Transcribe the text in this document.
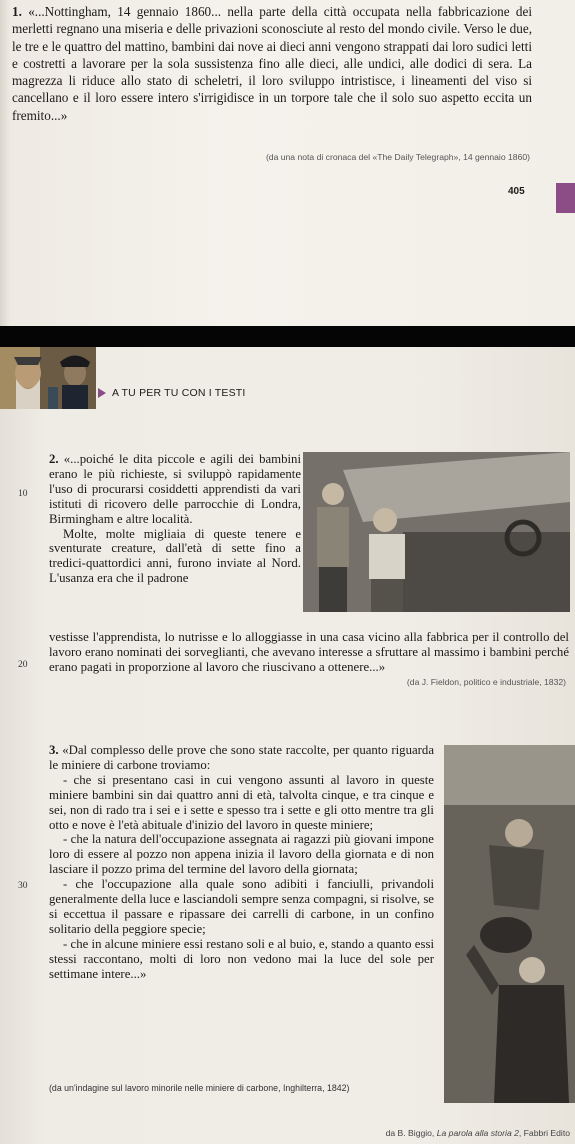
1. «...Nottingham, 14 gennaio 1860... nella parte della città occupata nella fabbricazione dei merletti regnano una miseria e delle privazioni sconosciute al resto del mondo civile. Verso le due, le tre e le quattro del mattino, bambini dai nove ai dieci anni vengono strappati dai loro sudici letti e costretti a lavorare per la sola sussistenza fino alle dieci, alle undici, alle dodici di sera. La magrezza li riduce allo stato di scheletri, il loro sviluppo intristisce, i lineamenti del viso si cancellano e il loro essere intero s'irrigidisce in un torpore tale che il solo suo aspetto eccita un fremito...»

(da una nota di cronaca del «The Daily Telegraph», 14 gennaio 1860)
405
A TU PER TU CON I TESTI

2. «...poiché le dita piccole e agili dei bambini erano le più richieste, si sviluppò rapidamente l'uso di procurarsi cosiddetti apprendisti da vari istituti di ricovero delle parrocchie di Londra, Birmingham e altre località.
Molte, molte migliaia di queste tenere e sventurate creature, dall'età di sette fino a tredici-quattordici anni, furono inviate al Nord. L'usanza era che il padrone

vestisse l'apprendista, lo nutrisse e lo alloggiasse in una casa vicino alla fabbrica per il controllo del lavoro erano nominati dei sorveglianti, che avevano interesse a sfruttare al massimo i bambini perché erano pagati in proporzione al lavoro che riuscivano a ottenere...»

10
20
(da J. Fieldon, politico e industriale, 1832)

3. «Dal complesso delle prove che sono state raccolte, per quanto riguarda le miniere di carbone troviamo:
- che si presentano casi in cui vengono assunti al lavoro in queste miniere bambini sin dai quattro anni di età, talvolta cinque, e tra cinque e sei, non di rado tra i sei e i sette e spesso tra i sette e gli otto mentre tra gli otto e nove è l'età abituale d'inizio del lavoro in queste miniere;
- che la natura dell'occupazione assegnata ai ragazzi più giovani impone loro di essere al pozzo non appena inizia il lavoro della giornata e di non lasciare il pozzo prima del termine del lavoro della giornata;
- che l'occupazione alla quale sono adibiti i fanciulli, privandoli generalmente della luce e lasciandoli sempre senza compagni, si risolve, se si eccettua il passare e ripassare dei carrelli di carbone, in un confino solitario della peggiore specie;
- che in alcune miniere essi restano soli e al buio, e, stando a quanto essi stessi raccontano, molti di loro non vedono mai la luce del sole per settimane intere...»

30
(da un'indagine sul lavoro minorile nelle miniere di carbone, Inghilterra, 1842)
da B. Biggio, La parola alla storia 2, Fabbri Edito
